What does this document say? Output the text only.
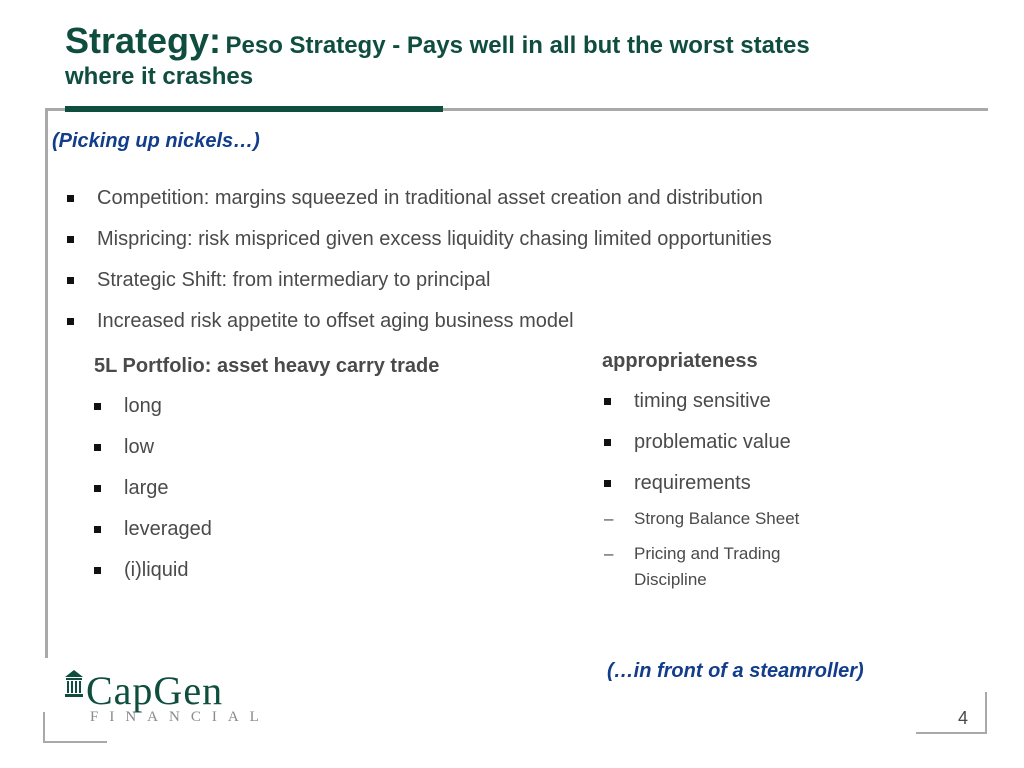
Strategy: Peso Strategy - Pays well in all but the worst states
where it crashes
(Picking up nickels…)
Competition: margins squeezed in traditional asset creation and distribution
Mispricing: risk mispriced given excess liquidity chasing limited opportunities
Strategic Shift: from intermediary to principal
Increased risk appetite to offset aging business model
5L Portfolio: asset heavy carry trade
long
low
large
leveraged
(i)liquid
appropriateness
timing sensitive
problematic value
requirements
– Strong Balance Sheet
– Pricing and Trading
Discipline
(…in front of a steamroller)
CapGen
FINANCIAL	4
